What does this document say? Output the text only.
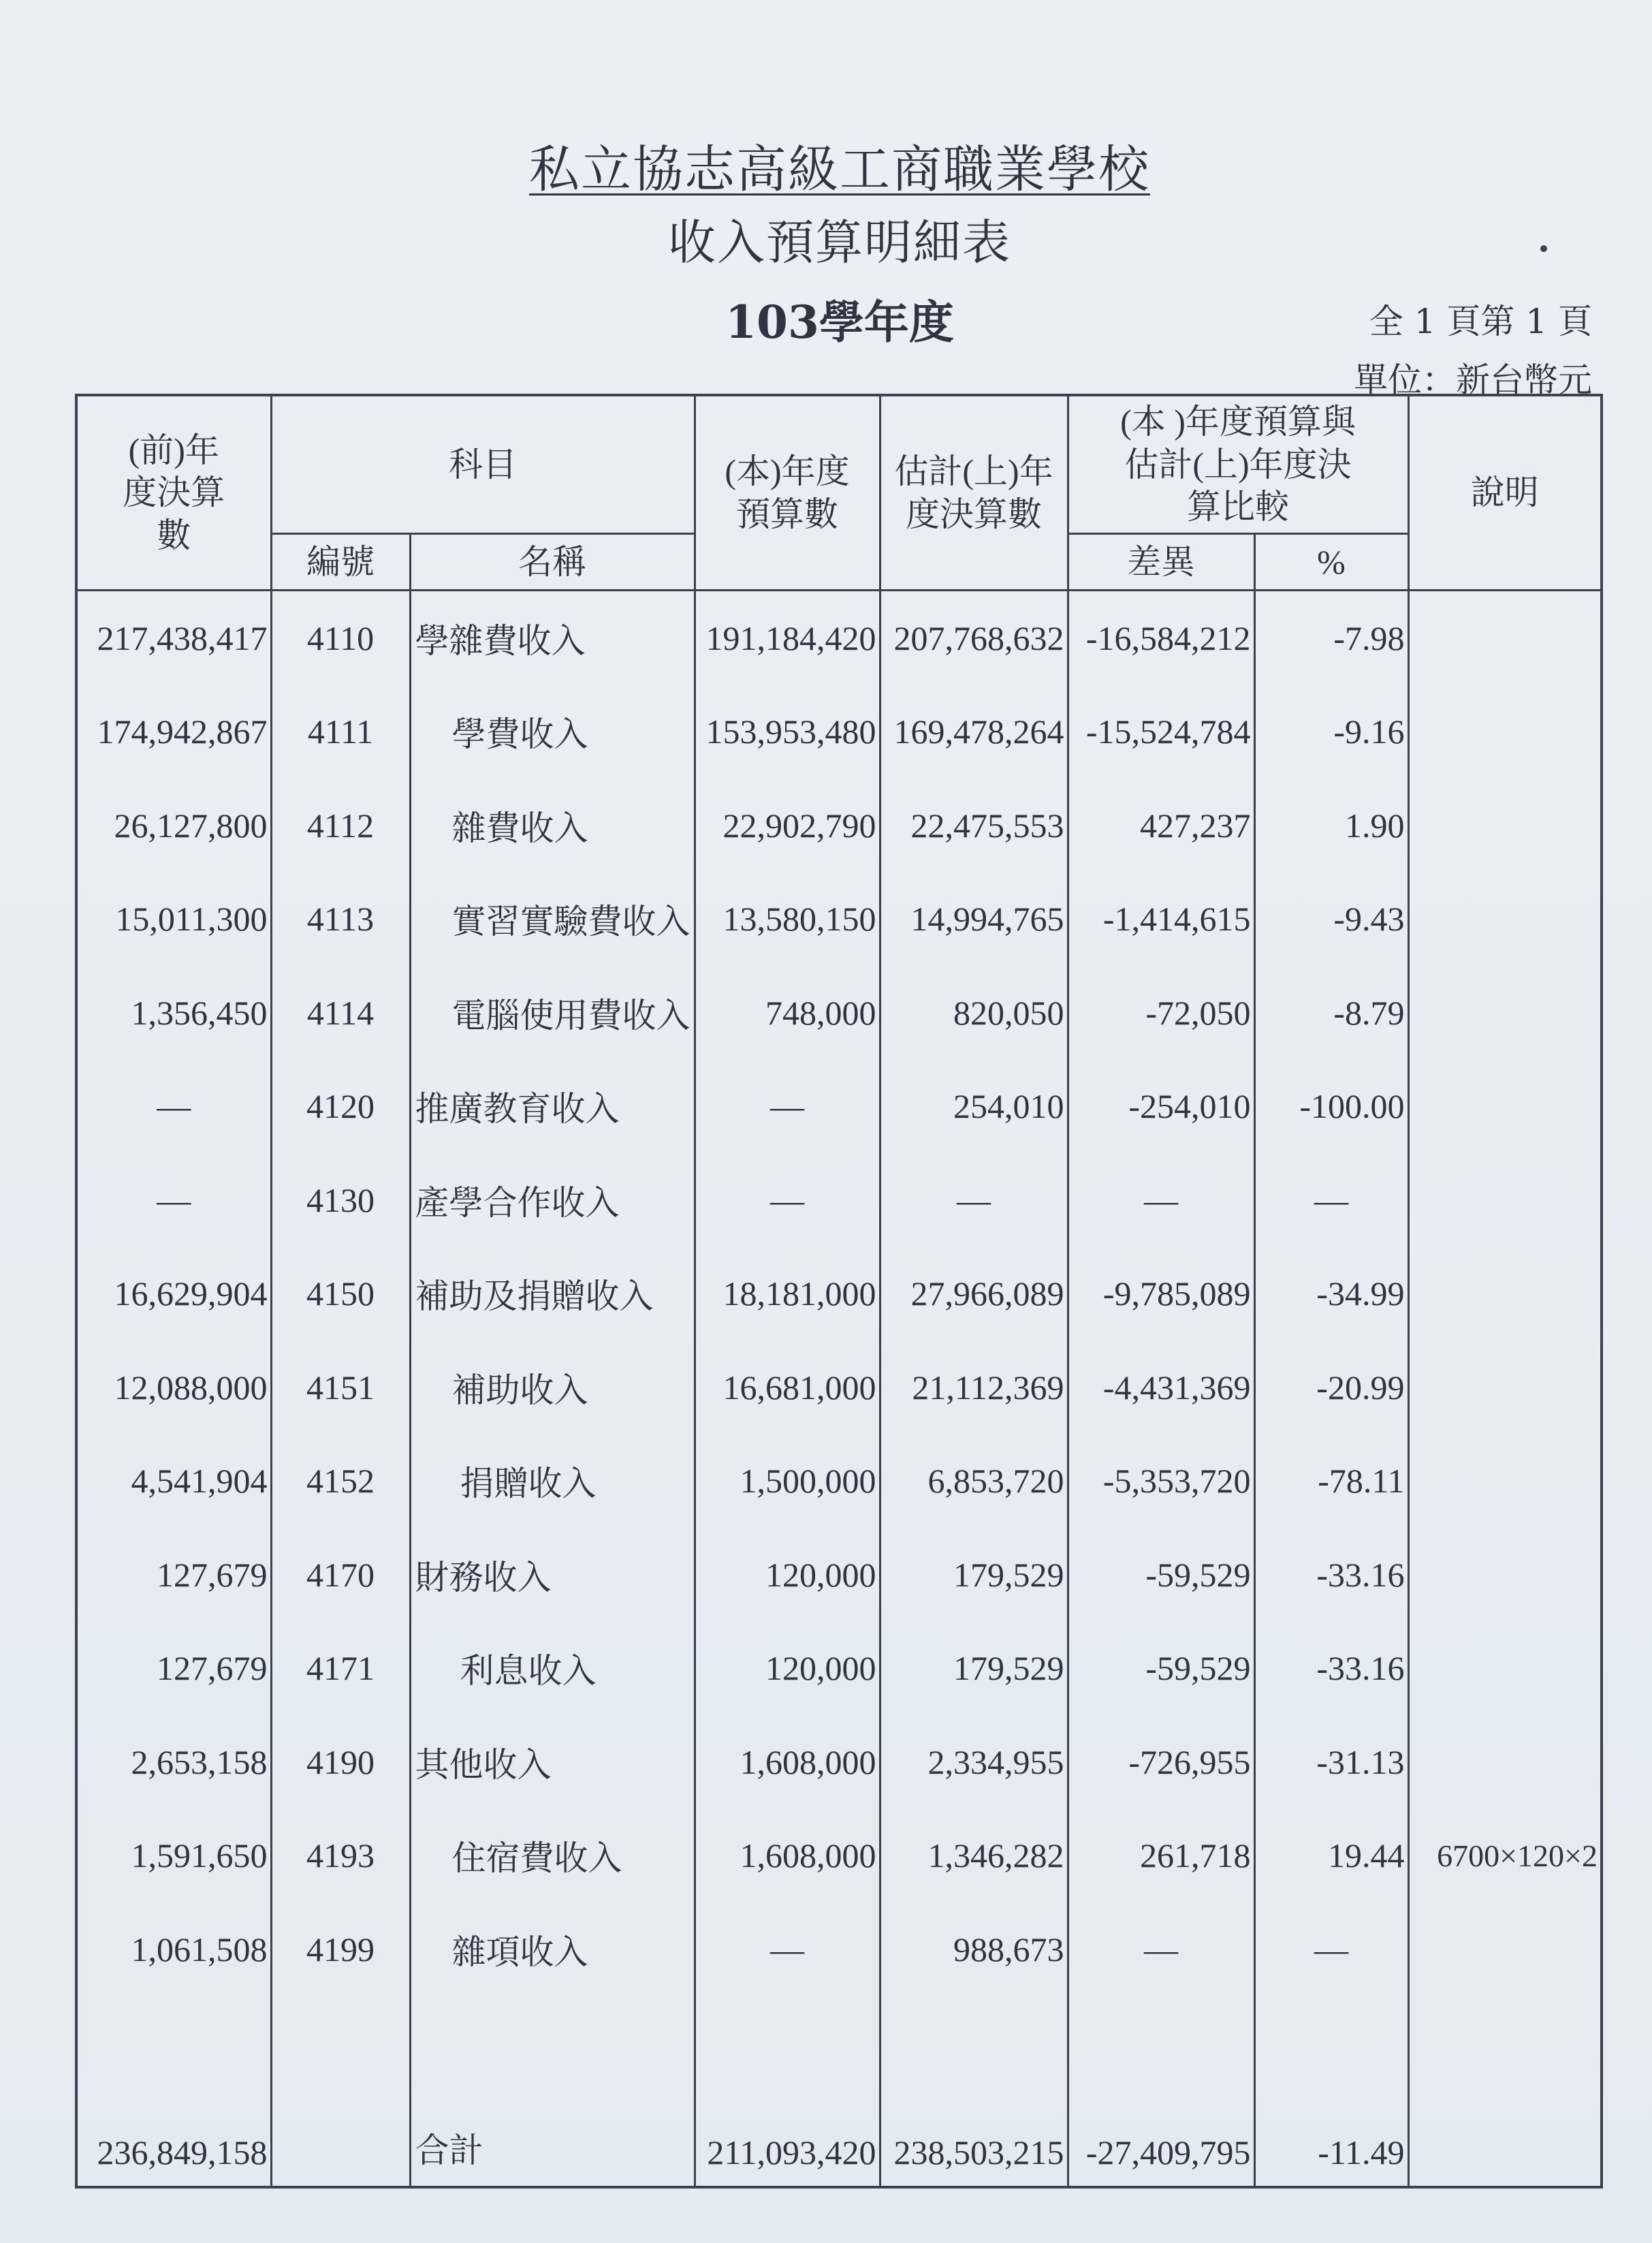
私立協志高級工商職業學校
收入預算明細表
103學年度	全 1 頁第 1 頁
單位：新台幣元
(前)年度決算數	科目		(本)年度預算數	估計(上)年度決算數	(本 )年度預算與估計(上)年度決算比較		說明
	編號	名稱			差異	%	
217,438,417	4110	學雜費收入	191,184,420	207,768,632	-16,584,212	-7.98	
174,942,867	4111	學費收入	153,953,480	169,478,264	-15,524,784	-9.16	
26,127,800	4112	雜費收入	22,902,790	22,475,553	427,237	1.90	
15,011,300	4113	實習實驗費收入	13,580,150	14,994,765	-1,414,615	-9.43	
1,356,450	4114	電腦使用費收入	748,000	820,050	-72,050	-8.79	
—	4120	推廣教育收入	—	254,010	-254,010	-100.00	
—	4130	產學合作收入	—	—	—	—	
16,629,904	4150	補助及捐贈收入	18,181,000	27,966,089	-9,785,089	-34.99	
12,088,000	4151	補助收入	16,681,000	21,112,369	-4,431,369	-20.99	
4,541,904	4152	捐贈收入	1,500,000	6,853,720	-5,353,720	-78.11	
127,679	4170	財務收入	120,000	179,529	-59,529	-33.16	
127,679	4171	利息收入	120,000	179,529	-59,529	-33.16	
2,653,158	4190	其他收入	1,608,000	2,334,955	-726,955	-31.13	
1,591,650	4193	住宿費收入	1,608,000	1,346,282	261,718	19.44	6700×120×2
1,061,508	4199	雜項收入	—	988,673	—	—	

236,849,158		合計	211,093,420	238,503,215	-27,409,795	-11.49	
